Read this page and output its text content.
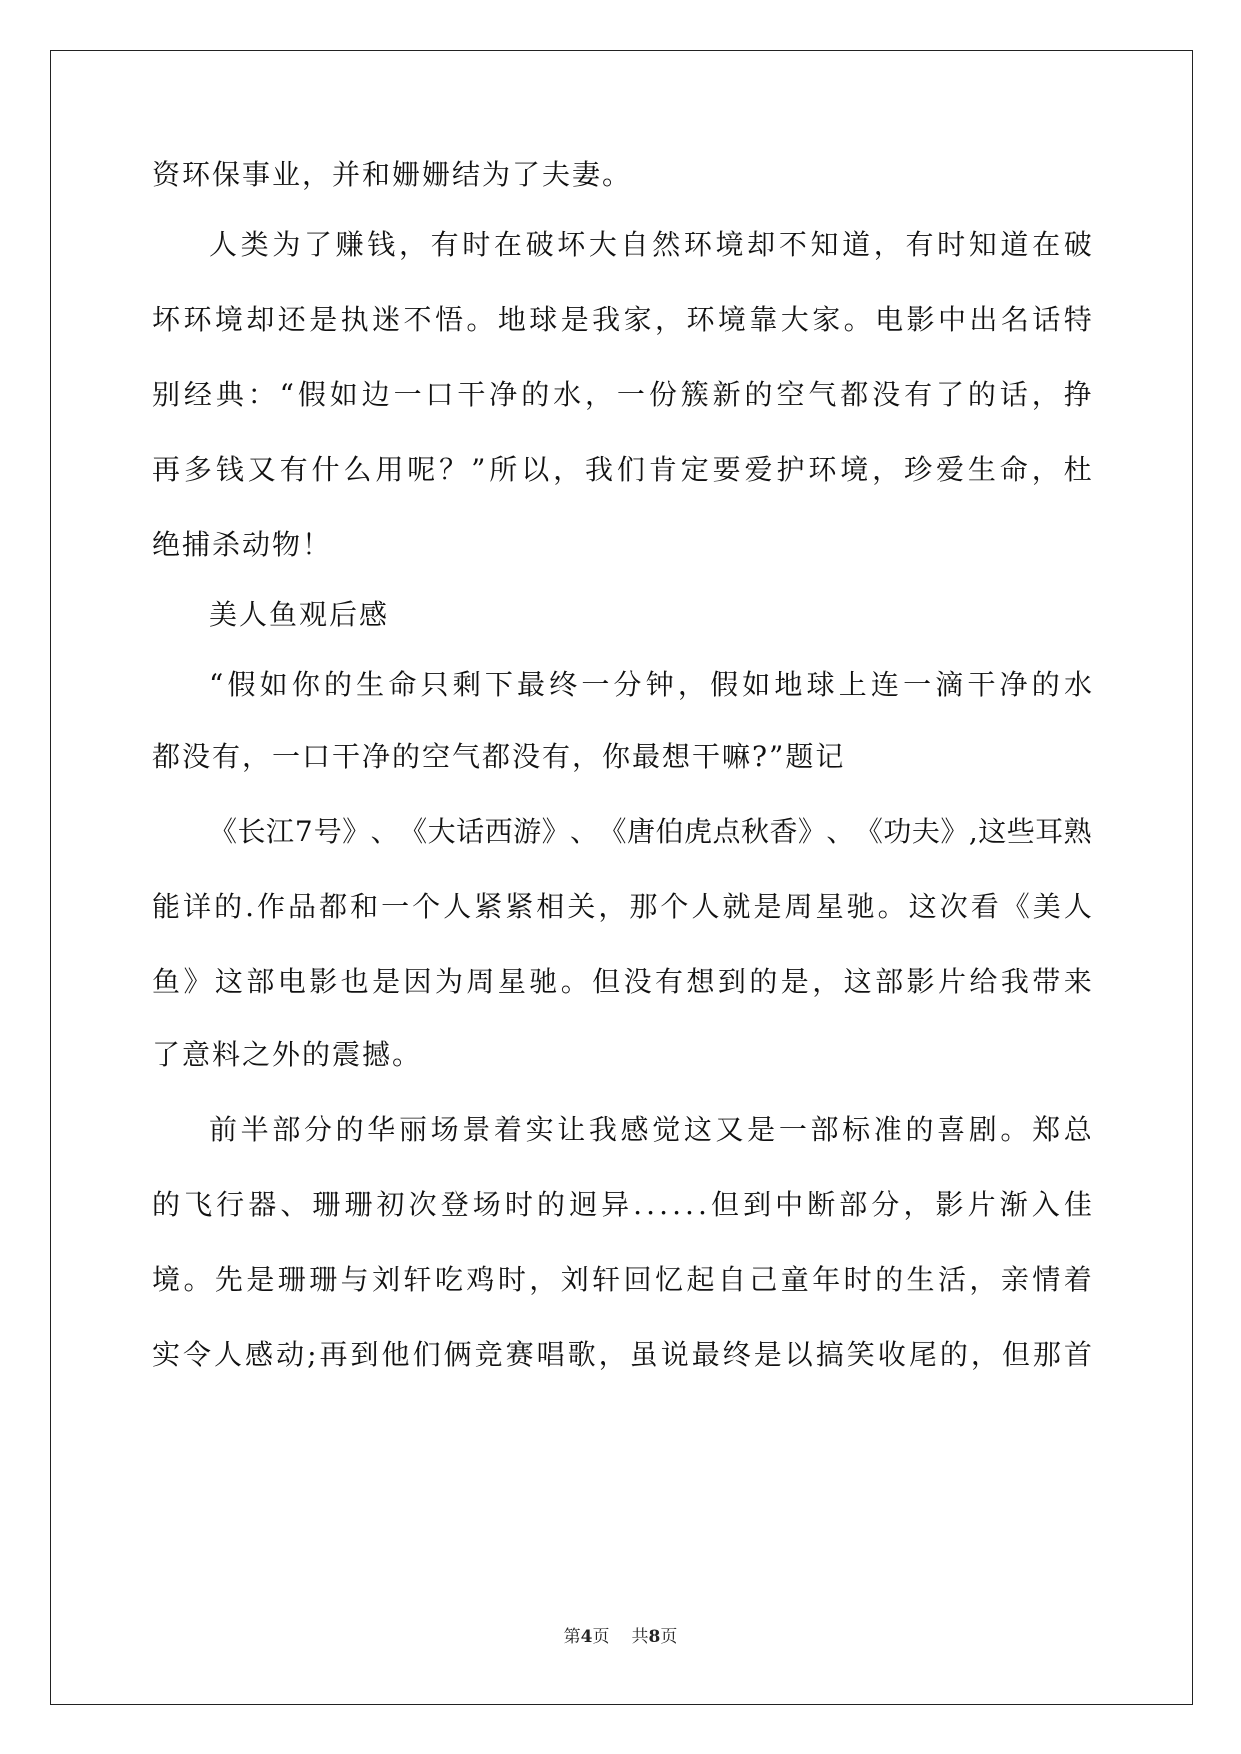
资环保事业，并和姗姗结为了夫妻。
人 类 为 了 赚 钱 ， 有 时 在 破 坏 大 自 然 环 境 却 不 知 道 ， 有 时 知 道 在 破
坏 环 境 却 还 是 执 迷 不 悟 。 地 球 是 我 家 ， 环 境 靠 大 家 。 电 影 中 出 名 话 特
别 经 典 ： “ 假 如 边 一 口 干 净 的 水 ， 一 份 簇 新 的 空 气 都 没 有 了 的 话 ， 挣
再 多 钱 又 有 什 么 用 呢 ？ ” 所 以 ， 我 们 肯 定 要 爱 护 环 境 ， 珍 爱 生 命 ， 杜
绝捕杀动物！
美人鱼观后感
“ 假 如 你 的 生 命 只 剩 下 最 终 一 分 钟 ， 假 如 地 球 上 连 一 滴 干 净 的 水
都没有，一口干净的空气都没有，你最想干嘛?”题记
《 长 江 7 号 》 、 《 大 话 西 游 》 、 《 唐 伯 虎 点 秋 香 》 、 《 功 夫 》 , 这 些 耳 熟
能 详 的 . 作 品 都 和 一 个 人 紧 紧 相 关 ， 那 个 人 就 是 周 星 驰 。 这 次 看 《 美 人
鱼 》 这 部 电 影 也 是 因 为 周 星 驰 。 但 没 有 想 到 的 是 ， 这 部 影 片 给 我 带 来
了意料之外的震撼。
前 半 部 分 的 华 丽 场 景 着 实 让 我 感 觉 这 又 是 一 部 标 准 的 喜 剧 。 郑 总
的 飞 行 器 、 珊 珊 初 次 登 场 时 的 迥 异 . . . . . . 但 到 中 断 部 分 ， 影 片 渐 入 佳
境 。 先 是 珊 珊 与 刘 轩 吃 鸡 时 ， 刘 轩 回 忆 起 自 己 童 年 时 的 生 活 ， 亲 情 着
实 令 人 感 动 ; 再 到 他 们 俩 竞 赛 唱 歌 ， 虽 说 最 终 是 以 搞 笑 收 尾 的 ， 但 那 首
第4页 共8页
